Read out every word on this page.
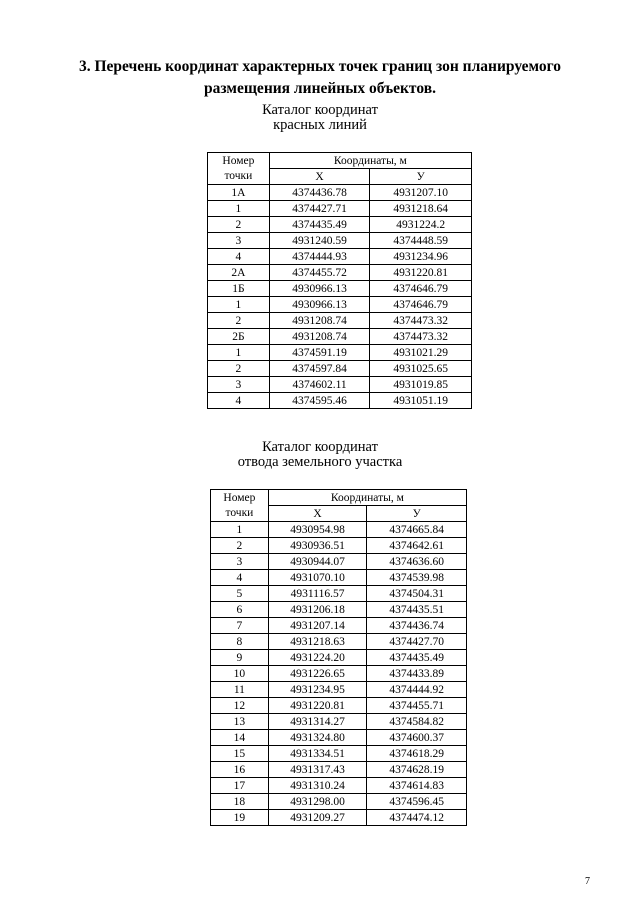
3. Перечень координат характерных точек границ зон планируемого
размещения линейных объектов.
Каталог координат
красных линий
Номер
точки	Координаты, м	
	X	У
1А	4374436.78	4931207.10
1	4374427.71	4931218.64
2	4374435.49	4931224.2
3	4931240.59	4374448.59
4	4374444.93	4931234.96
2А	4374455.72	4931220.81
1Б	4930966.13	4374646.79
1	4930966.13	4374646.79
2	4931208.74	4374473.32
2Б	4931208.74	4374473.32
1	4374591.19	4931021.29
2	4374597.84	4931025.65
3	4374602.11	4931019.85
4	4374595.46	4931051.19
Каталог координат
отвода земельного участка
Номер
точки	Координаты, м	
	X	У
1	4930954.98	4374665.84
2	4930936.51	4374642.61
3	4930944.07	4374636.60
4	4931070.10	4374539.98
5	4931116.57	4374504.31
6	4931206.18	4374435.51
7	4931207.14	4374436.74
8	4931218.63	4374427.70
9	4931224.20	4374435.49
10	4931226.65	4374433.89
11	4931234.95	4374444.92
12	4931220.81	4374455.71
13	4931314.27	4374584.82
14	4931324.80	4374600.37
15	4931334.51	4374618.29
16	4931317.43	4374628.19
17	4931310.24	4374614.83
18	4931298.00	4374596.45
19	4931209.27	4374474.12
7
